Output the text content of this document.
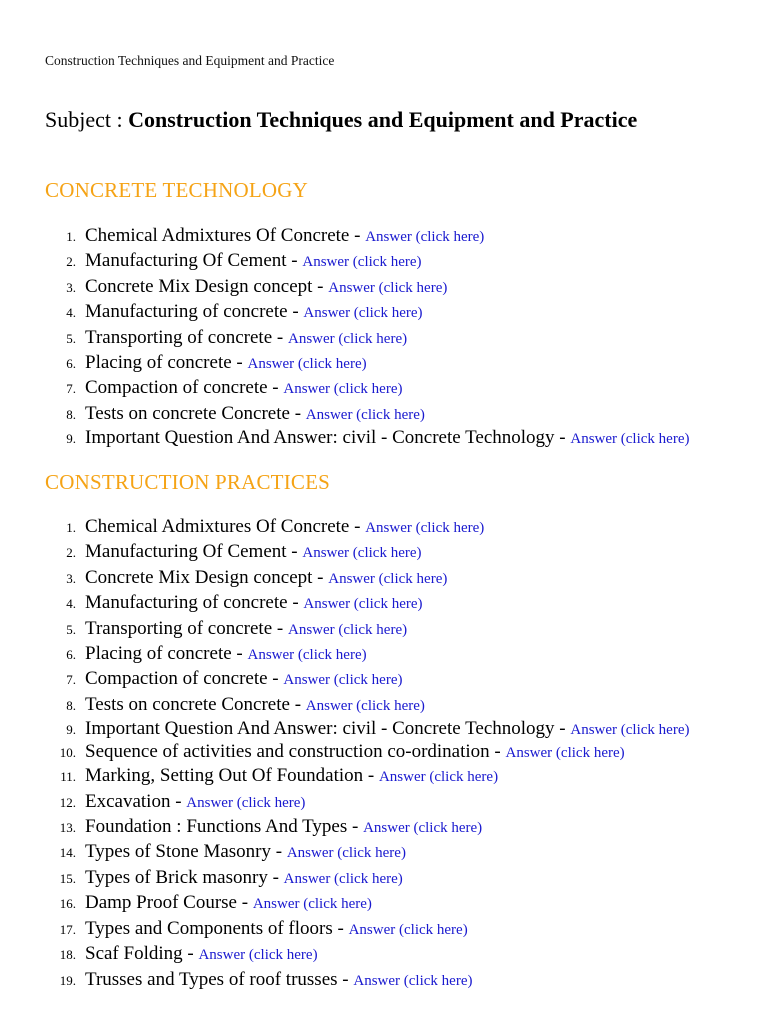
Construction Techniques and Equipment and Practice
Subject : Construction Techniques and Equipment and Practice
CONCRETE TECHNOLOGY
1. Chemical Admixtures Of Concrete - Answer (click here)
2. Manufacturing Of Cement - Answer (click here)
3. Concrete Mix Design concept - Answer (click here)
4. Manufacturing of concrete - Answer (click here)
5. Transporting of concrete - Answer (click here)
6. Placing of concrete - Answer (click here)
7. Compaction of concrete - Answer (click here)
8. Tests on concrete Concrete - Answer (click here)
9. Important Question And Answer: civil - Concrete Technology - Answer (click here)
CONSTRUCTION PRACTICES
1. Chemical Admixtures Of Concrete - Answer (click here)
2. Manufacturing Of Cement - Answer (click here)
3. Concrete Mix Design concept - Answer (click here)
4. Manufacturing of concrete - Answer (click here)
5. Transporting of concrete - Answer (click here)
6. Placing of concrete - Answer (click here)
7. Compaction of concrete - Answer (click here)
8. Tests on concrete Concrete - Answer (click here)
9. Important Question And Answer: civil - Concrete Technology - Answer (click here)
10. Sequence of activities and construction co-ordination - Answer (click here)
11. Marking, Setting Out Of Foundation - Answer (click here)
12. Excavation - Answer (click here)
13. Foundation : Functions And Types - Answer (click here)
14. Types of Stone Masonry - Answer (click here)
15. Types of Brick masonry - Answer (click here)
16. Damp Proof Course - Answer (click here)
17. Types and Components of floors - Answer (click here)
18. Scaf Folding - Answer (click here)
19. Trusses and Types of roof trusses - Answer (click here)
